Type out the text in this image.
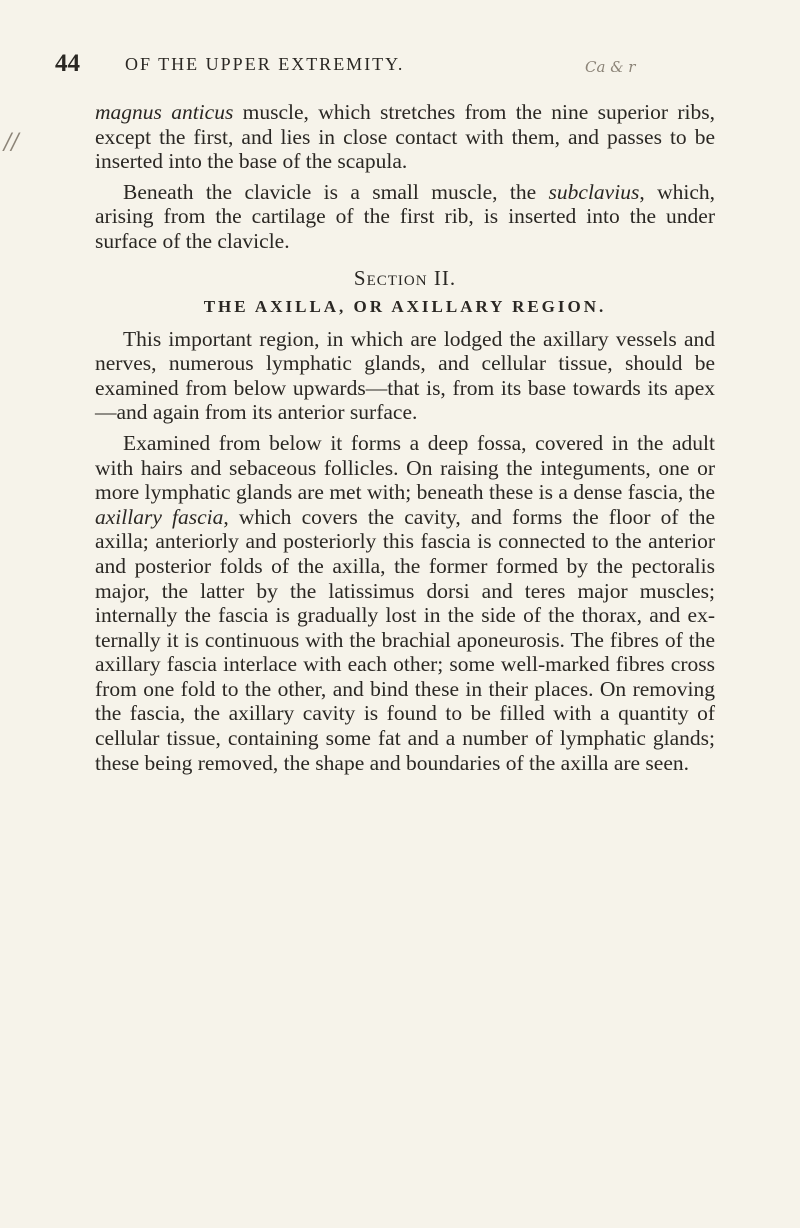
44	OF THE UPPER EXTREMITY.	Ca & r
//

magnus anticus muscle, which stretches from the nine superior ribs, except the first, and lies in close contact with them, and passes to be inserted into the base of the scapula.

Beneath the clavicle is a small muscle, the subclavius, which, arising from the cartilage of the first rib, is inserted into the under surface of the clavicle.

Section II.
THE AXILLA, OR AXILLARY REGION.

This important region, in which are lodged the axillary vessels and nerves, numerous lymphatic glands, and cellular tissue, should be examined from below upwards—that is, from its base towards its apex—and again from its anterior surface.

Examined from below it forms a deep fossa, covered in the adult with hairs and sebaceous follicles. On raising the integuments, one or more lymphatic glands are met with; beneath these is a dense fascia, the axillary fascia, which covers the cavity, and forms the floor of the axilla; anteriorly and posteriorly this fascia is connected to the anterior and posterior folds of the axilla, the former formed by the pectoralis major, the latter by the latissimus dorsi and teres major muscles; internally the fascia is gradually lost in the side of the thorax, and externally it is continuous with the brachial aponeurosis. The fibres of the axillary fascia interlace with each other; some well-marked fibres cross from one fold to the other, and bind these in their places. On removing the fascia, the axillary cavity is found to be filled with a quantity of cellular tissue, containing some fat and a number of lymphatic glands; these being removed, the shape and boundaries of the axilla are seen.
